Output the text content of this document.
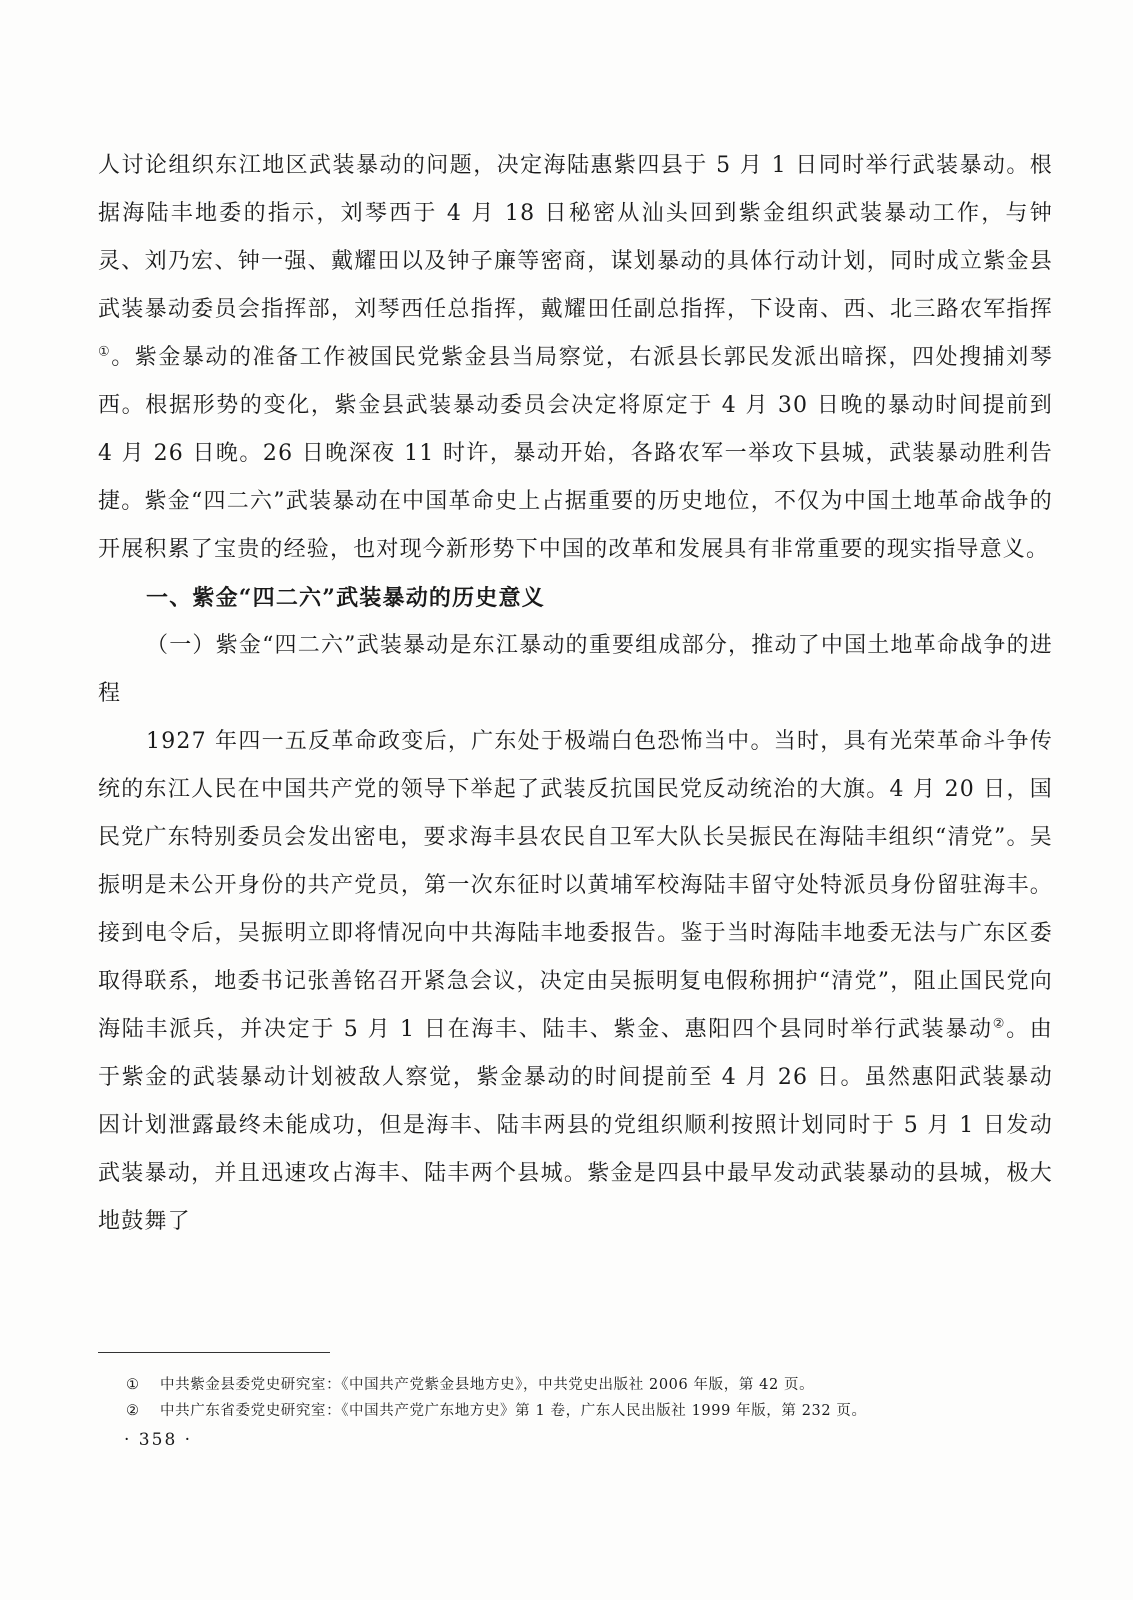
人讨论组织东江地区武装暴动的问题，决定海陆惠紫四县于 5 月 1 日同时举行武装暴动。根据海陆丰地委的指示，刘琴西于 4 月 18 日秘密从汕头回到紫金组织武装暴动工作，与钟灵、刘乃宏、钟一强、戴耀田以及钟子廉等密商，谋划暴动的具体行动计划，同时成立紫金县武装暴动委员会指挥部，刘琴西任总指挥，戴耀田任副总指挥，下设南、西、北三路农军指挥①。紫金暴动的准备工作被国民党紫金县当局察觉，右派县长郭民发派出暗探，四处搜捕刘琴西。根据形势的变化，紫金县武装暴动委员会决定将原定于 4 月 30 日晚的暴动时间提前到 4 月 26 日晚。26 日晚深夜 11 时许，暴动开始，各路农军一举攻下县城，武装暴动胜利告捷。紫金“四二六”武装暴动在中国革命史上占据重要的历史地位，不仅为中国土地革命战争的开展积累了宝贵的经验，也对现今新形势下中国的改革和发展具有非常重要的现实指导意义。

一、紫金“四二六”武装暴动的历史意义

（一）紫金“四二六”武装暴动是东江暴动的重要组成部分，推动了中国土地革命战争的进程

1927 年四一五反革命政变后，广东处于极端白色恐怖当中。当时，具有光荣革命斗争传统的东江人民在中国共产党的领导下举起了武装反抗国民党反动统治的大旗。4 月 20 日，国民党广东特别委员会发出密电，要求海丰县农民自卫军大队长吴振民在海陆丰组织“清党”。吴振明是未公开身份的共产党员，第一次东征时以黄埔军校海陆丰留守处特派员身份留驻海丰。接到电令后，吴振明立即将情况向中共海陆丰地委报告。鉴于当时海陆丰地委无法与广东区委取得联系，地委书记张善铭召开紧急会议，决定由吴振明复电假称拥护“清党”，阻止国民党向海陆丰派兵，并决定于 5 月 1 日在海丰、陆丰、紫金、惠阳四个县同时举行武装暴动②。由于紫金的武装暴动计划被敌人察觉，紫金暴动的时间提前至 4 月 26 日。虽然惠阳武装暴动因计划泄露最终未能成功，但是海丰、陆丰两县的党组织顺利按照计划同时于 5 月 1 日发动武装暴动，并且迅速攻占海丰、陆丰两个县城。紫金是四县中最早发动武装暴动的县城，极大地鼓舞了

① 中共紫金县委党史研究室：《中国共产党紫金县地方史》，中共党史出版社 2006 年版，第 42 页。

② 中共广东省委党史研究室：《中国共产党广东地方史》第 1 卷，广东人民出版社 1999 年版，第 232 页。

· 358 ·
